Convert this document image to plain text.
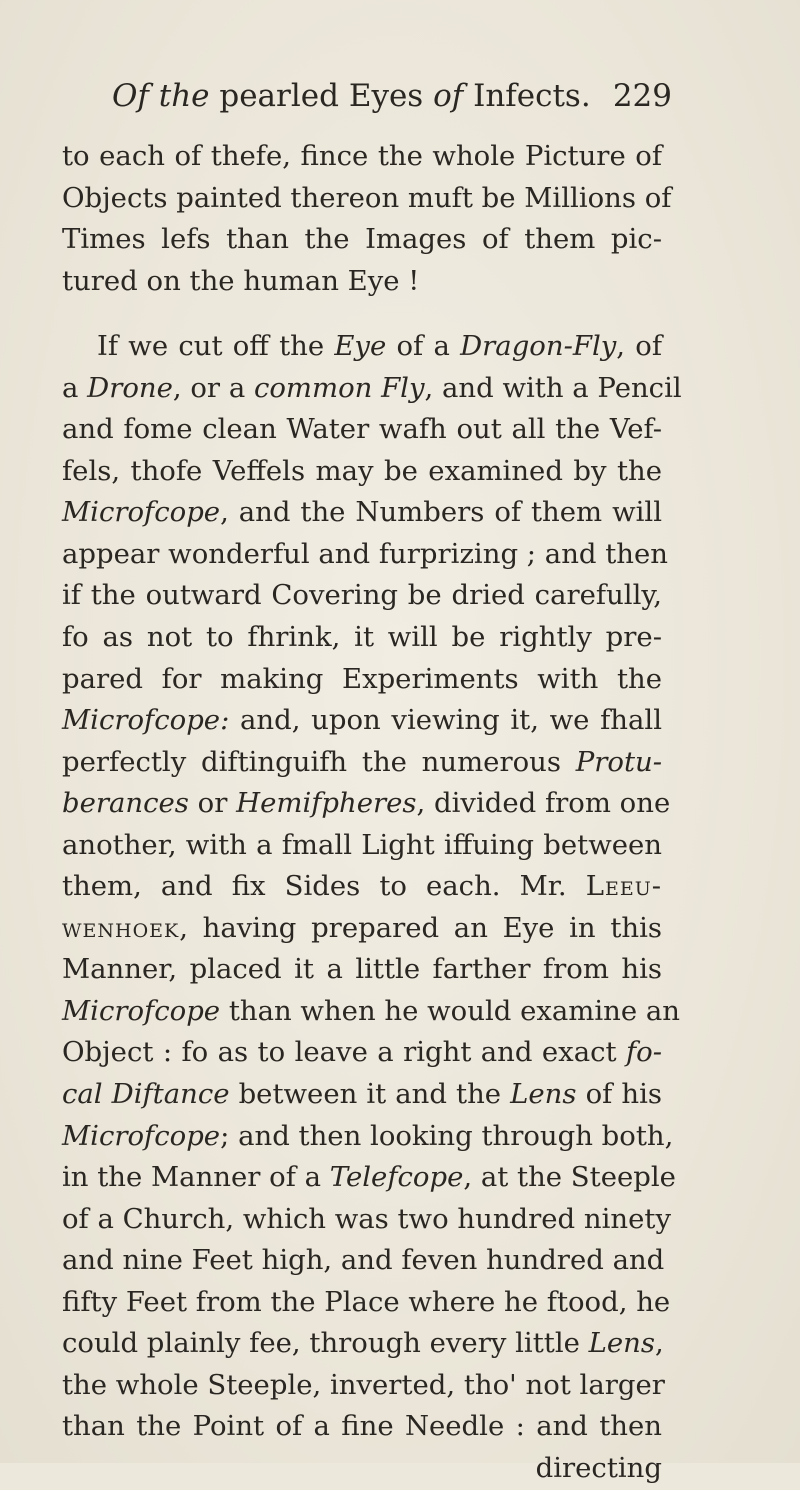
Of the pearled Eyes of Infects. 229
to each of thefe, fince the whole Picture of
Objects painted thereon muft be Millions of
Times lefs than the Images of them pic-
tured on the human Eye !
If we cut off the Eye of a Dragon-Fly, of
a Drone, or a common Fly, and with a Pencil
and fome clean Water wafh out all the Vef-
fels, thofe Veffels may be examined by the
Microfcope, and the Numbers of them will
appear wonderful and furprizing ; and then
if the outward Covering be dried carefully,
fo as not to fhrink, it will be rightly pre-
pared for making Experiments with the
Microfcope: and, upon viewing it, we fhall
perfectly diftinguifh the numerous Protu-
berances or Hemifpheres, divided from one
another, with a fmall Light iffuing between
them, and fix Sides to each. Mr. Leeu-
wenhoek, having prepared an Eye in this
Manner, placed it a little farther from his
Microfcope than when he would examine an
Object : fo as to leave a right and exact fo-
cal Diftance between it and the Lens of his
Microfcope; and then looking through both,
in the Manner of a Telefcope, at the Steeple
of a Church, which was two hundred ninety
and nine Feet high, and feven hundred and
fifty Feet from the Place where he ftood, he
could plainly fee, through every little Lens,
the whole Steeple, inverted, tho' not larger
than the Point of a fine Needle : and then
directing
